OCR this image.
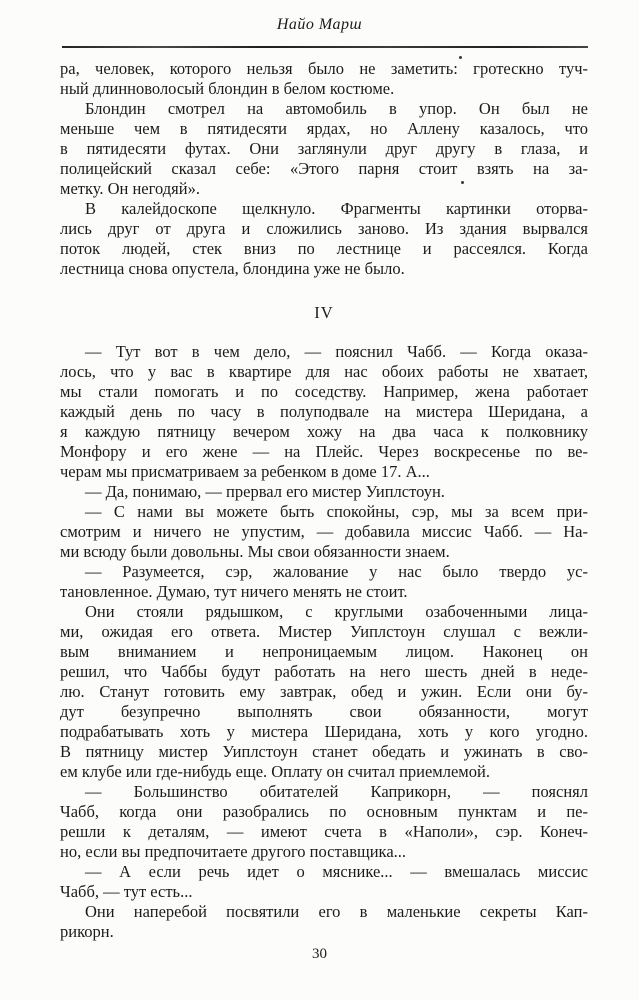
Найо Марш
ра, человек, которого нельзя было не заметить: гротескно туч-
ный длинноволосый блондин в белом костюме.
Блондин смотрел на автомобиль в упор. Он был не
меньше чем в пятидесяти ярдах, но Аллену казалось, что
в пятидесяти футах. Они заглянули друг другу в глаза, и
полицейский сказал себе: «Этого парня стоит взять на за-
метку. Он негодяй».
В калейдоскопе щелкнуло. Фрагменты картинки оторва-
лись друг от друга и сложились заново. Из здания вырвался
поток людей, стек вниз по лестнице и рассеялся. Когда
лестница снова опустела, блондина уже не было.
IV
— Тут вот в чем дело, — пояснил Чабб. — Когда оказа-
лось, что у вас в квартире для нас обоих работы не хватает,
мы стали помогать и по соседству. Например, жена работает
каждый день по часу в полуподвале на мистера Шеридана, а
я каждую пятницу вечером хожу на два часа к полковнику
Монфору и его жене — на Плейс. Через воскресенье по ве-
черам мы присматриваем за ребенком в доме 17. А...
— Да, понимаю, — прервал его мистер Уиплстоун.
— С нами вы можете быть спокойны, сэр, мы за всем при-
смотрим и ничего не упустим, — добавила миссис Чабб. — На-
ми всюду были довольны. Мы свои обязанности знаем.
— Разумеется, сэр, жалование у нас было твердо ус-
тановленное. Думаю, тут ничего менять не стоит.
Они стояли рядышком, с круглыми озабоченными лица-
ми, ожидая его ответа. Мистер Уиплстоун слушал с вежли-
вым вниманием и непроницаемым лицом. Наконец он
решил, что Чаббы будут работать на него шесть дней в неде-
лю. Станут готовить ему завтрак, обед и ужин. Если они бу-
дут безупречно выполнять свои обязанности, могут
подрабатывать хоть у мистера Шеридана, хоть у кого угодно.
В пятницу мистер Уиплстоун станет обедать и ужинать в сво-
ем клубе или где-нибудь еще. Оплату он считал приемлемой.
— Большинство обитателей Каприкорн, — пояснял
Чабб, когда они разобрались по основным пунктам и пе-
решли к деталям, — имеют счета в «Наполи», сэр. Конеч-
но, если вы предпочитаете другого поставщика...
— А если речь идет о мяснике... — вмешалась миссис
Чабб, — тут есть...
Они наперебой посвятили его в маленькие секреты Кап-
рикорн.
30
